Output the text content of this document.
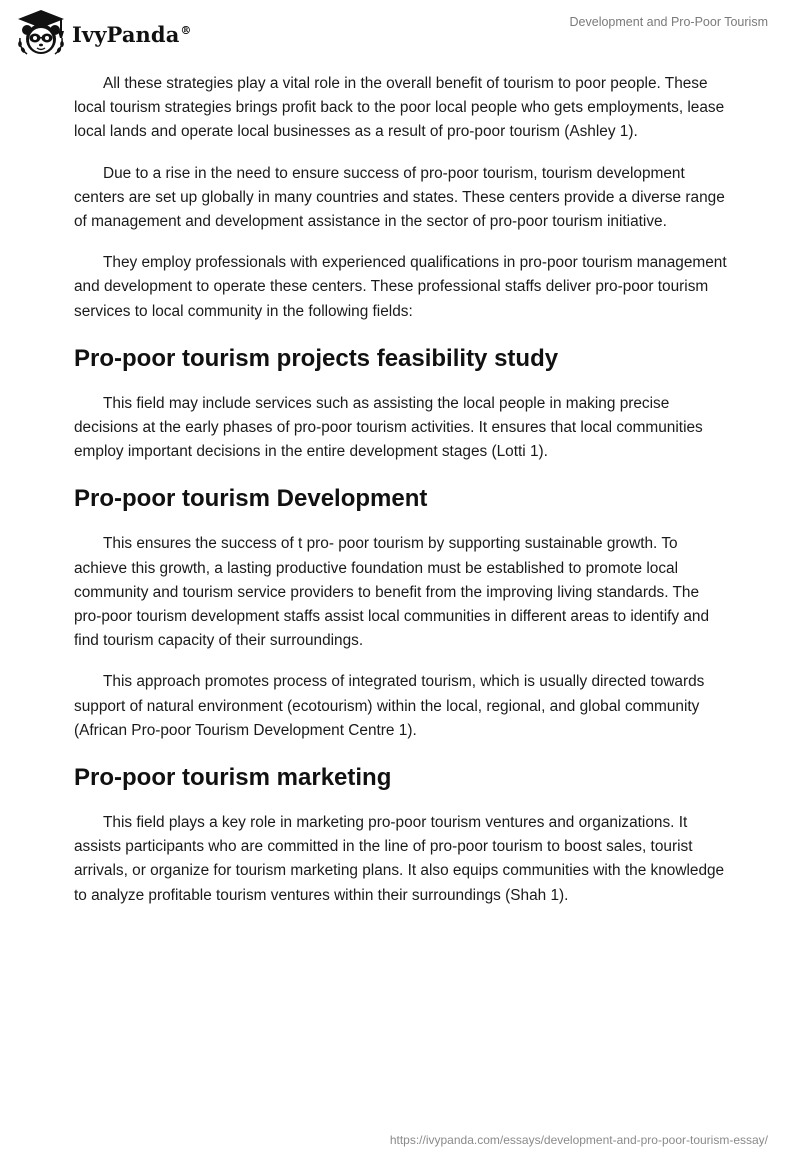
IvyPanda®
Development and Pro-Poor Tourism

All these strategies play a vital role in the overall benefit of tourism to poor people. These local tourism strategies brings profit back to the poor local people who gets employments, lease local lands and operate local businesses as a result of pro-poor tourism (Ashley 1).

Due to a rise in the need to ensure success of pro-poor tourism, tourism development centers are set up globally in many countries and states. These centers provide a diverse range of management and development assistance in the sector of pro-poor tourism initiative.

They employ professionals with experienced qualifications in pro-poor tourism management and development to operate these centers. These professional staffs deliver pro-poor tourism services to local community in the following fields:

Pro-poor tourism projects feasibility study

This field may include services such as assisting the local people in making precise decisions at the early phases of pro-poor tourism activities. It ensures that local communities employ important decisions in the entire development stages (Lotti 1).

Pro-poor tourism Development

This ensures the success of t pro- poor tourism by supporting sustainable growth. To achieve this growth, a lasting productive foundation must be established to promote local community and tourism service providers to benefit from the improving living standards. The pro-poor tourism development staffs assist local communities in different areas to identify and find tourism capacity of their surroundings.

This approach promotes process of integrated tourism, which is usually directed towards support of natural environment (ecotourism) within the local, regional, and global community (African Pro-poor Tourism Development Centre 1).

Pro-poor tourism marketing

This field plays a key role in marketing pro-poor tourism ventures and organizations. It assists participants who are committed in the line of pro-poor tourism to boost sales, tourist arrivals, or organize for tourism marketing plans. It also equips communities with the knowledge to analyze profitable tourism ventures within their surroundings (Shah 1).

https://ivypanda.com/essays/development-and-pro-poor-tourism-essay/
